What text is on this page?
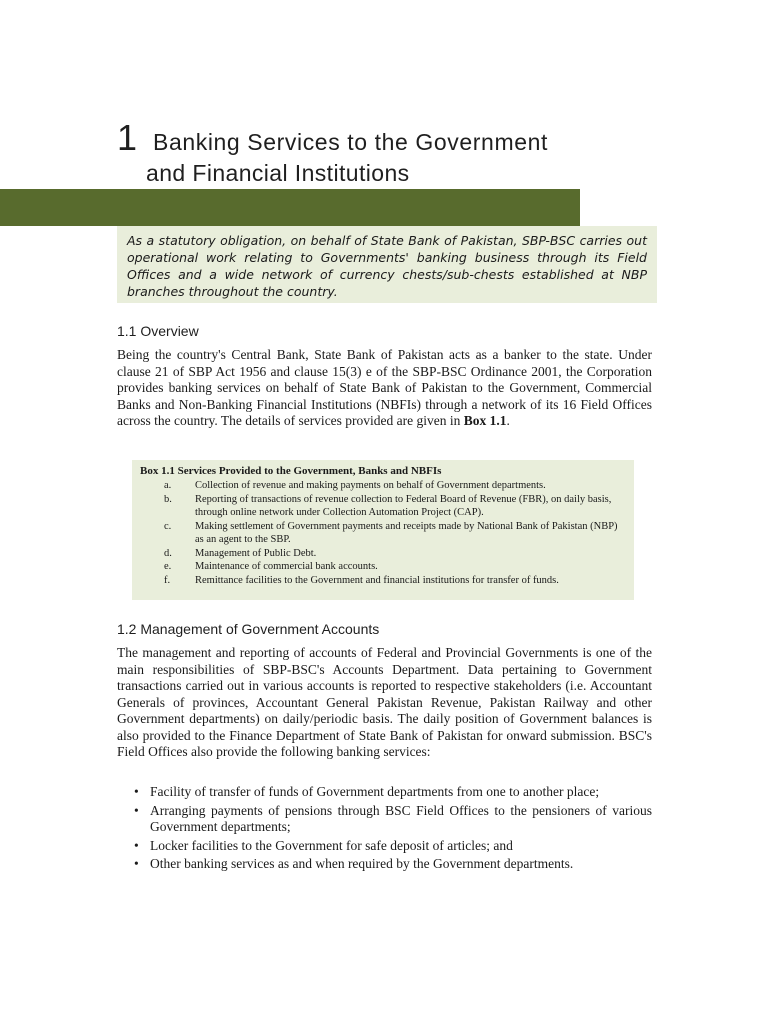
1 Banking Services to the Government
and Financial Institutions

As a statutory obligation, on behalf of State Bank of Pakistan, SBP-BSC carries out operational work relating to Governments' banking business through its Field Offices and a wide network of currency chests/sub-chests established at NBP branches throughout the country.

1.1 Overview

Being the country's Central Bank, State Bank of Pakistan acts as a banker to the state. Under clause 21 of SBP Act 1956 and clause 15(3) e of the SBP-BSC Ordinance 2001, the Corporation provides banking services on behalf of State Bank of Pakistan to the Government, Commercial Banks and Non-Banking Financial Institutions (NBFIs) through a network of its 16 Field Offices across the country. The details of services provided are given in Box 1.1.

Box 1.1 Services Provided to the Government, Banks and NBFIs

a. Collection of revenue and making payments on behalf of Government departments.
b. Reporting of transactions of revenue collection to Federal Board of Revenue (FBR), on daily basis, through online network under Collection Automation Project (CAP).
c. Making settlement of Government payments and receipts made by National Bank of Pakistan (NBP) as an agent to the SBP.
d. Management of Public Debt.
e. Maintenance of commercial bank accounts.
f. Remittance facilities to the Government and financial institutions for transfer of funds.
1.2 Management of Government Accounts

The management and reporting of accounts of Federal and Provincial Governments is one of the main responsibilities of SBP-BSC's Accounts Department. Data pertaining to Government transactions carried out in various accounts is reported to respective stakeholders (i.e. Accountant Generals of provinces, Accountant General Pakistan Revenue, Pakistan Railway and other Government departments) on daily/periodic basis. The daily position of Government balances is also provided to the Finance Department of State Bank of Pakistan for onward submission. BSC's Field Offices also provide the following banking services:

• Facility of transfer of funds of Government departments from one to another place;
• Arranging payments of pensions through BSC Field Offices to the pensioners of various Government departments;
• Locker facilities to the Government for safe deposit of articles; and
• Other banking services as and when required by the Government departments.
